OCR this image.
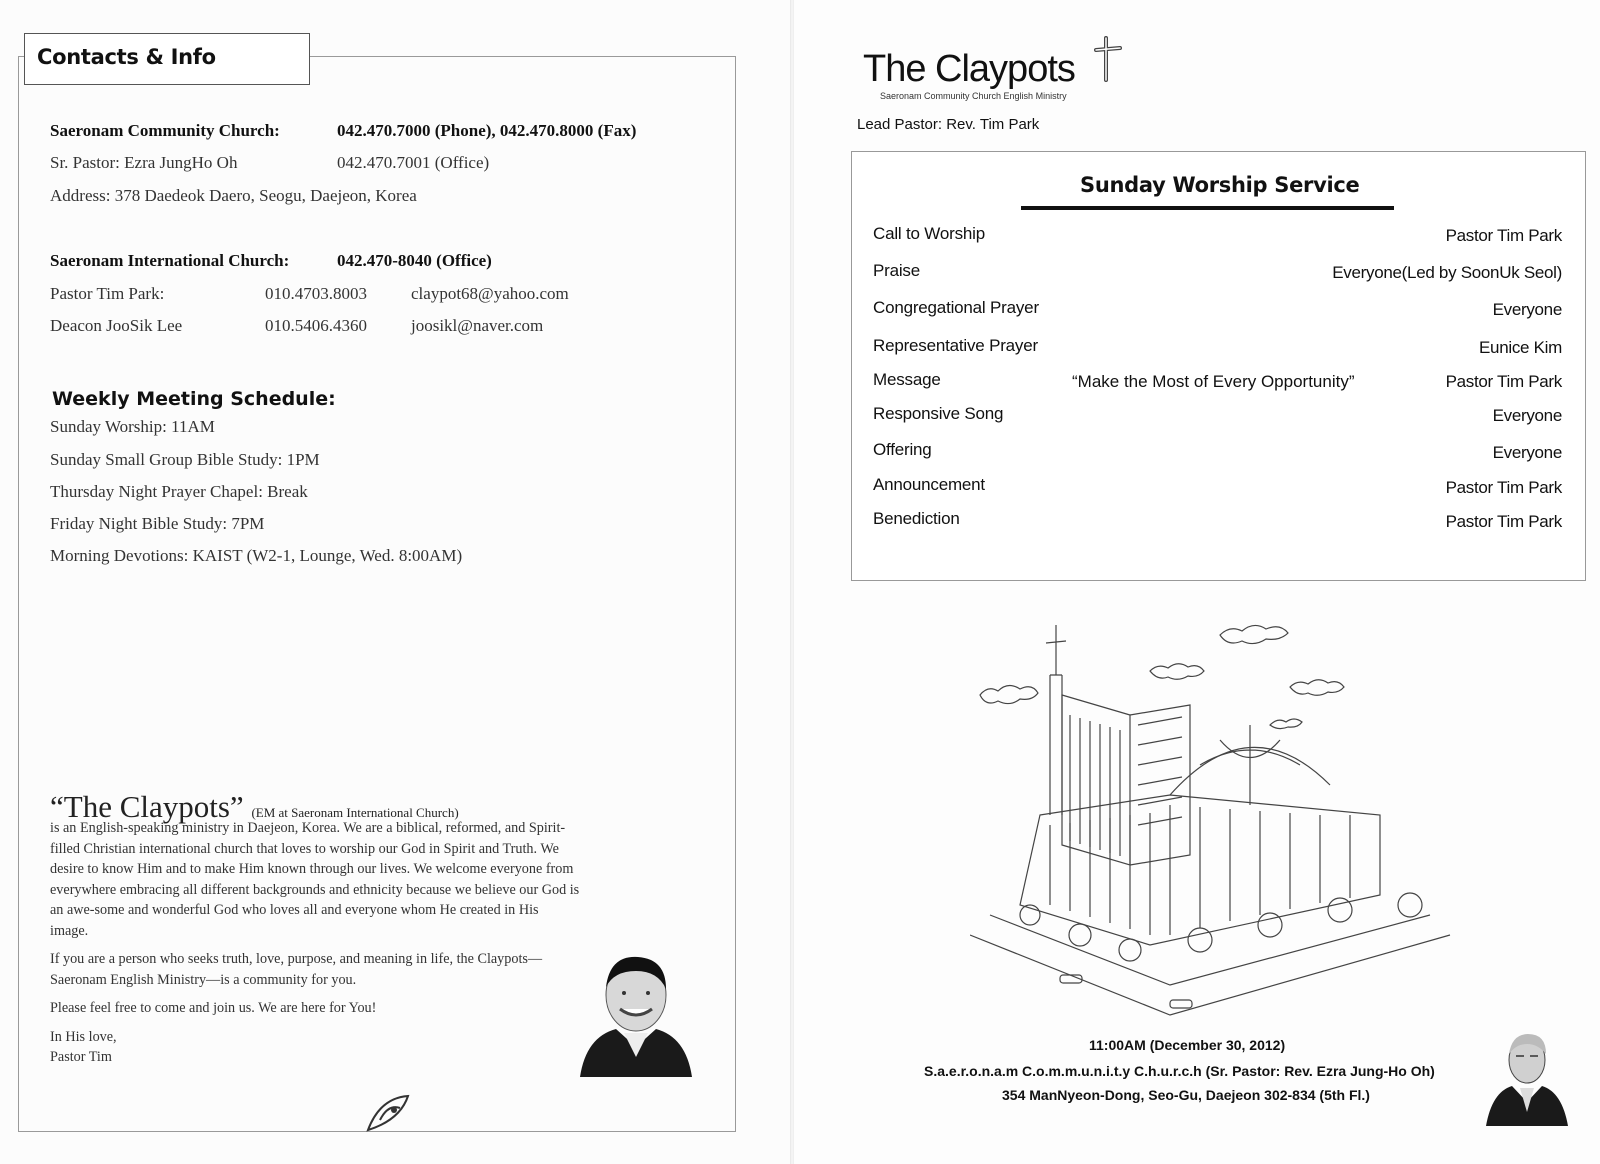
Contacts & Info
Saeronam Community Church:	042.470.7000 (Phone), 042.470.8000 (Fax)
Sr. Pastor: Ezra JungHo Oh	042.470.7001 (Office)
Address: 378 Daedeok Daero, Seogu, Daejeon, Korea
Saeronam International Church:	042.470-8040 (Office)
Pastor Tim Park:	010.4703.8003	claypot68@yahoo.com
Deacon JooSik Lee	010.5406.4360	joosikl@naver.com
Weekly Meeting Schedule:
Sunday Worship: 11AM
Sunday Small Group Bible Study: 1PM
Thursday Night Prayer Chapel: Break
Friday Night Bible Study: 7PM
Morning Devotions: KAIST (W2-1, Lounge, Wed. 8:00AM)
“The Claypots” (EM at Saeronam International Church)

is an English-speaking ministry in Daejeon, Korea. We are a biblical, reformed, and Spirit-filled Christian international church that loves to worship our God in Spirit and Truth. We desire to know Him and to make Him known through our lives. We welcome everyone from everywhere embracing all different backgrounds and ethnicity because we believe our God is an awe-some and wonderful God who loves all and everyone whom He created in His image.

If you are a person who seeks truth, love, purpose, and meaning in life, the Claypots—Saeronam English Ministry—is a community for you.

Please feel free to come and join us. We are here for You!

In His love,

Pastor Tim

The Claypots
Saeronam Community Church English Ministry
Lead Pastor: Rev. Tim Park
Sunday Worship Service
Call to Worship	Pastor Tim Park
Praise	Everyone(Led by SoonUk Seol)
Congregational Prayer	Everyone
Representative Prayer	Eunice Kim
Message	“Make the Most of Every Opportunity”	Pastor Tim Park
Responsive Song	Everyone
Offering	Everyone
Announcement	Pastor Tim Park
Benediction	Pastor Tim Park
11:00AM (December 30, 2012)
S.a.e.r.o.n.a.m C.o.m.m.u.n.i.t.y C.h.u.r.c.h (Sr. Pastor: Rev. Ezra Jung-Ho Oh)
354 ManNyeon-Dong, Seo-Gu, Daejeon 302-834 (5th Fl.)
